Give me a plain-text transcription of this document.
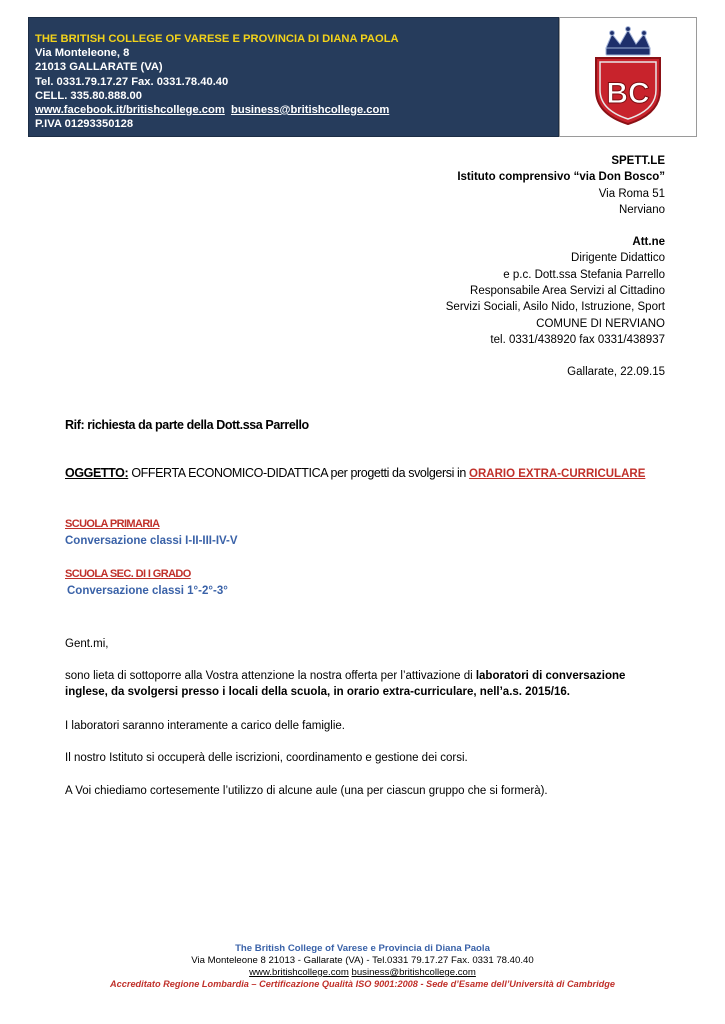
THE BRITISH COLLEGE OF VARESE E PROVINCIA DI DIANA PAOLA
Via Monteleone, 8
21013 GALLARATE (VA)
Tel. 0331.79.17.27 Fax. 0331.78.40.40
CELL. 335.80.888.00
www.facebook.it/britishcollege.com business@britishcollege.com
P.IVA 01293350128
BC
SPETT.LE
Istituto comprensivo “via Don Bosco”
Via Roma 51
Nerviano
Att.ne
Dirigente Didattico
e p.c. Dott.ssa Stefania Parrello
Responsabile Area Servizi al Cittadino
Servizi Sociali, Asilo Nido, Istruzione, Sport
COMUNE DI NERVIANO
tel. 0331/438920 fax 0331/438937
Gallarate, 22.09.15
Rif: richiesta da parte della Dott.ssa Parrello
OGGETTO: OFFERTA ECONOMICO-DIDATTICA per progetti da svolgersi in ORARIO EXTRA-CURRICULARE
SCUOLA PRIMARIA
Conversazione classi I-II-III-IV-V
SCUOLA SEC. DI I GRADO
Conversazione classi 1°-2°-3°
Gent.mi,
sono lieta di sottoporre alla Vostra attenzione la nostra offerta per l’attivazione di laboratori di conversazione
inglese, da svolgersi presso i locali della scuola, in orario extra-curriculare, nell’a.s. 2015/16.
I laboratori saranno interamente a carico delle famiglie.
Il nostro Istituto si occuperà delle iscrizioni, coordinamento e gestione dei corsi.
A Voi chiediamo cortesemente l’utilizzo di alcune aule (una per ciascun gruppo che si formerà).
The British College of Varese e Provincia di Diana Paola
Via Monteleone 8 21013 - Gallarate (VA) - Tel.0331 79.17.27 Fax. 0331 78.40.40
www.britishcollege.com business@britishcollege.com
Accreditato Regione Lombardia – Certificazione Qualità ISO 9001:2008 - Sede d’Esame dell’Università di Cambridge
